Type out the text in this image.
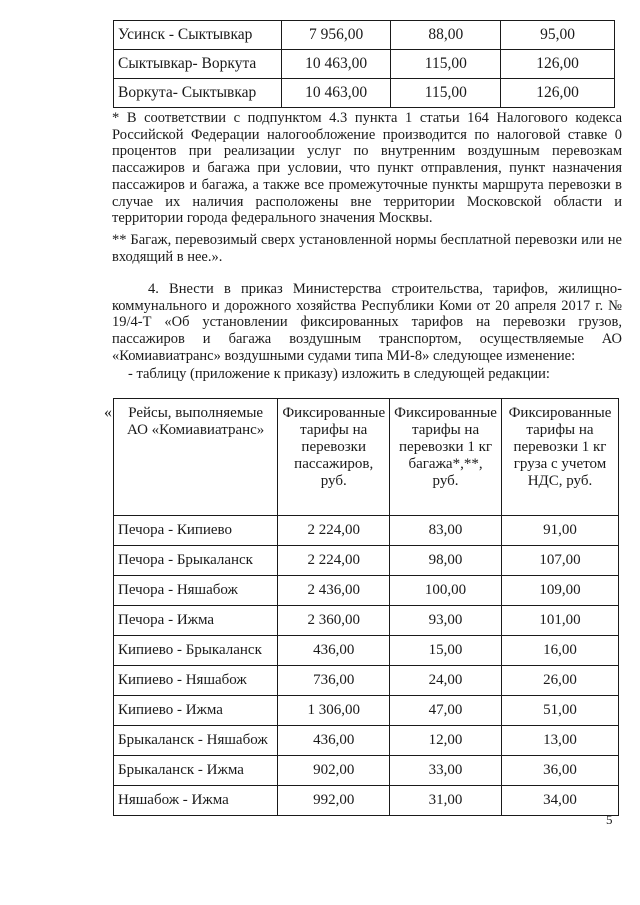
Усинск - Сыктывкар	7 956,00	88,00	95,00
Сыктывкар- Воркута	10 463,00	115,00	126,00
Воркута- Сыктывкар	10 463,00	115,00	126,00

* В соответствии с подпунктом 4.3 пункта 1 статьи 164 Налогового кодекса Российской Федерации налогообложение производится по налоговой ставке 0 процентов при реализации услуг по внутренним воздушным перевозкам пассажиров и багажа при условии, что пункт отправления, пункт назначения пассажиров и багажа, а также все промежуточные пункты маршрута перевозки в случае их наличия расположены вне территории Московской области и территории города федерального значения Москвы.

** Багаж, перевозимый сверх установленной нормы бесплатной перевозки или не входящий в нее.».

4. Внести в приказ Министерства строительства, тарифов, жилищно-коммунального и дорожного хозяйства Республики Коми от 20 апреля 2017 г. № 19/4-Т «Об установлении фиксированных тарифов на перевозки грузов, пассажиров и багажа воздушным транспортом, осуществляемые АО «Комиавиатранс» воздушными судами типа МИ-8» следующее изменение:

- таблицу (приложение к приказу) изложить в следующей редакции:

« Рейсы, выполняемые АО «Комиавиатранс»	Фиксированные тарифы на перевозки пассажиров, руб.	Фиксированные тарифы на перевозки 1 кг багажа*,**, руб.	Фиксированные тарифы на перевозки 1 кг груза с учетом НДС, руб.
Печора - Кипиево	2 224,00	83,00	91,00
Печора - Брыкаланск	2 224,00	98,00	107,00
Печора - Няшабож	2 436,00	100,00	109,00
Печора - Ижма	2 360,00	93,00	101,00
Кипиево - Брыкаланск	436,00	15,00	16,00
Кипиево - Няшабож	736,00	24,00	26,00
Кипиево - Ижма	1 306,00	47,00	51,00
Брыкаланск - Няшабож	436,00	12,00	13,00
Брыкаланск - Ижма	902,00	33,00	36,00
Няшабож - Ижма	992,00	31,00	34,00
5
